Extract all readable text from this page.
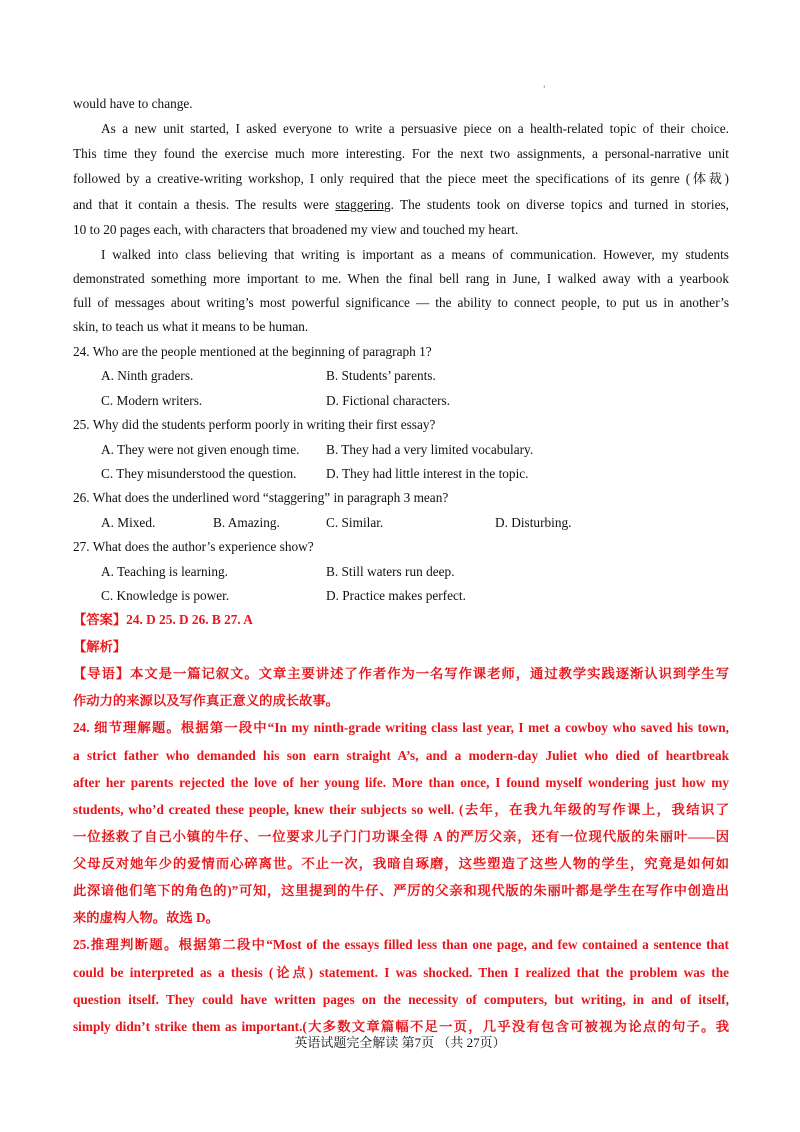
‘
would have to change.
As a new unit started, I asked everyone to write a persuasive piece on a health-related topic of their choice.
This time they found the exercise much more interesting. For the next two assignments, a personal-narrative unit
followed by a creative-writing workshop, I only required that the piece meet the specifications of its genre (体裁)
and that it contain a thesis. The results were staggering. The students took on diverse topics and turned in stories,
10 to 20 pages each, with characters that broadened my view and touched my heart.
I walked into class believing that writing is important as a means of communication. However, my students
demonstrated something more important to me. When the final bell rang in June, I walked away with a yearbook
full of messages about writing’s most powerful significance — the ability to connect people, to put us in another’s
skin, to teach us what it means to be human.
24. Who are the people mentioned at the beginning of paragraph 1?
A. Ninth graders.	B. Students’ parents.
C. Modern writers.	D. Fictional characters.
25. Why did the students perform poorly in writing their first essay?
A. They were not given enough time. B. They had a very limited vocabulary.
C. They misunderstood the question. D. They had little interest in the topic.
26. What does the underlined word “staggering” in paragraph 3 mean?
A. Mixed.	B. Amazing.	C. Similar.	D. Disturbing.
27. What does the author’s experience show?
A. Teaching is learning.	B. Still waters run deep.
C. Knowledge is power.	D. Practice makes perfect.
【答案】24. D 25. D 26. B 27. A
【解析】
【导语】本文是一篇记叙文。文章主要讲述了作者作为一名写作课老师，通过教学实践逐渐认识到学生写
作动力的来源以及写作真正意义的成长故事。
24. 细节理解题。根据第一段中“In my ninth-grade writing class last year, I met a cowboy who saved his town,
a strict father who demanded his son earn straight A’s, and a modern-day Juliet who died of heartbreak
after her parents rejected the love of her young life. More than once, I found myself wondering just how my
students, who’d created these people, knew their subjects so well. (去年，在我九年级的写作课上，我结识了
一位拯救了自己小镇的牛仔、一位要求儿子门门功课全得 A 的严厉父亲，还有一位现代版的朱丽叶——因
父母反对她年少的爱情而心碎离世。不止一次，我暗自琢磨，这些塑造了这些人物的学生，究竟是如何如
此深谙他们笔下的角色的)”可知，这里提到的牛仔、严厉的父亲和现代版的朱丽叶都是学生在写作中创造出
来的虚构人物。故选 D。
25.推理判断题。根据第二段中“Most of the essays filled less than one page, and few contained a sentence that
could be interpreted as a thesis (论点) statement. I was shocked. Then I realized that the problem was the
question itself. They could have written pages on the necessity of computers, but writing, in and of itself,
simply didn’t strike them as important.(大多数文章篇幅不足一页，几乎没有包含可被视为论点的句子。我
英语试题完全解读 第7页 （共 27页）
